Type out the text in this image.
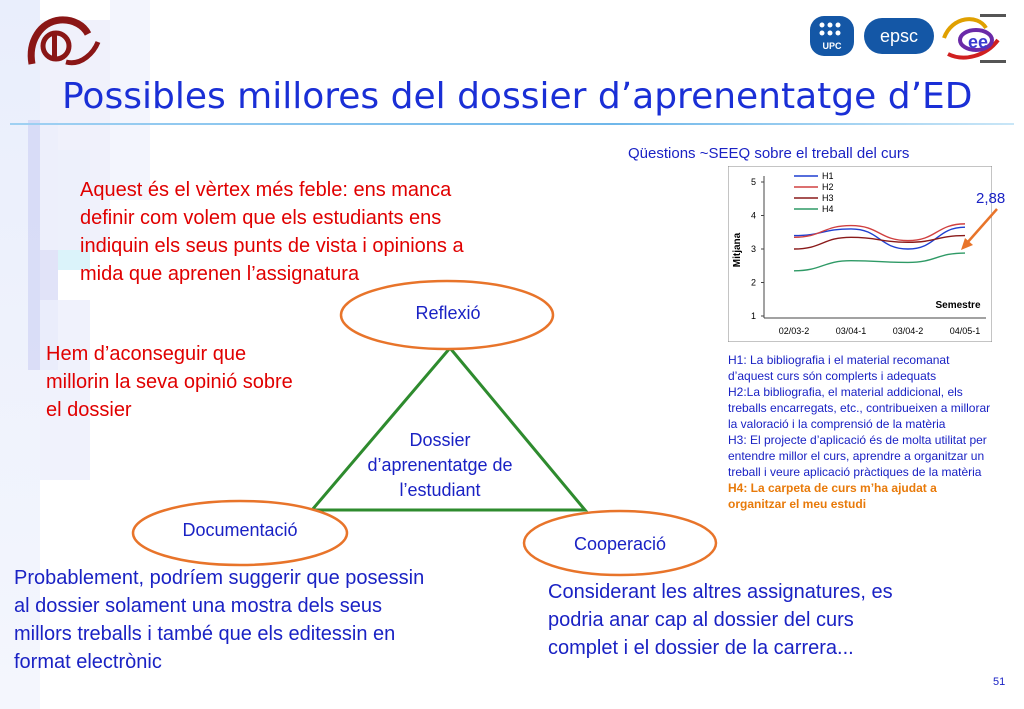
UPC epsc	ee
Possibles millores del dossier d’aprenentatge d’ED
Aquest és el vèrtex més feble: ens manca
definir com volem que els estudiants ens
indiquin els seus punts de vista i opinions a
mida que aprenen l’assignatura
Hem d’aconseguir que
millorin la seva opinió sobre
el dossier
Reflexió
Documentació
Cooperació
Dossier
d’aprenentatge de
l’estudiant
Probablement, podríem suggerir que posessin
al dossier solament una mostra dels seus
millors treballs i també que els editessin en
format electrònic
Considerant les altres assignatures, es
podria anar cap al dossier del curs
complet i el dossier de la carrera...
Qüestions ~SEEQ sobre el treball del curs
Mitjana
Semestre
1
2
3
4
5
02/03-2	03/04-1	03/04-2	04/05-1
H1
H2
H3
H4
2,88
H1: La bibliografia i el material recomanat
d’aquest curs són complerts i adequats
H2:La bibliografia, el material addicional, els
treballs encarregats, etc., contribueixen a millorar
la valoració i la comprensió de la matèria
H3: El projecte d’aplicació és de molta utilitat per
entendre millor el curs, aprendre a organitzar un
treball i veure aplicació pràctiques de la matèria
H4: La carpeta de curs m’ha ajudat a
organitzar el meu estudi
51
